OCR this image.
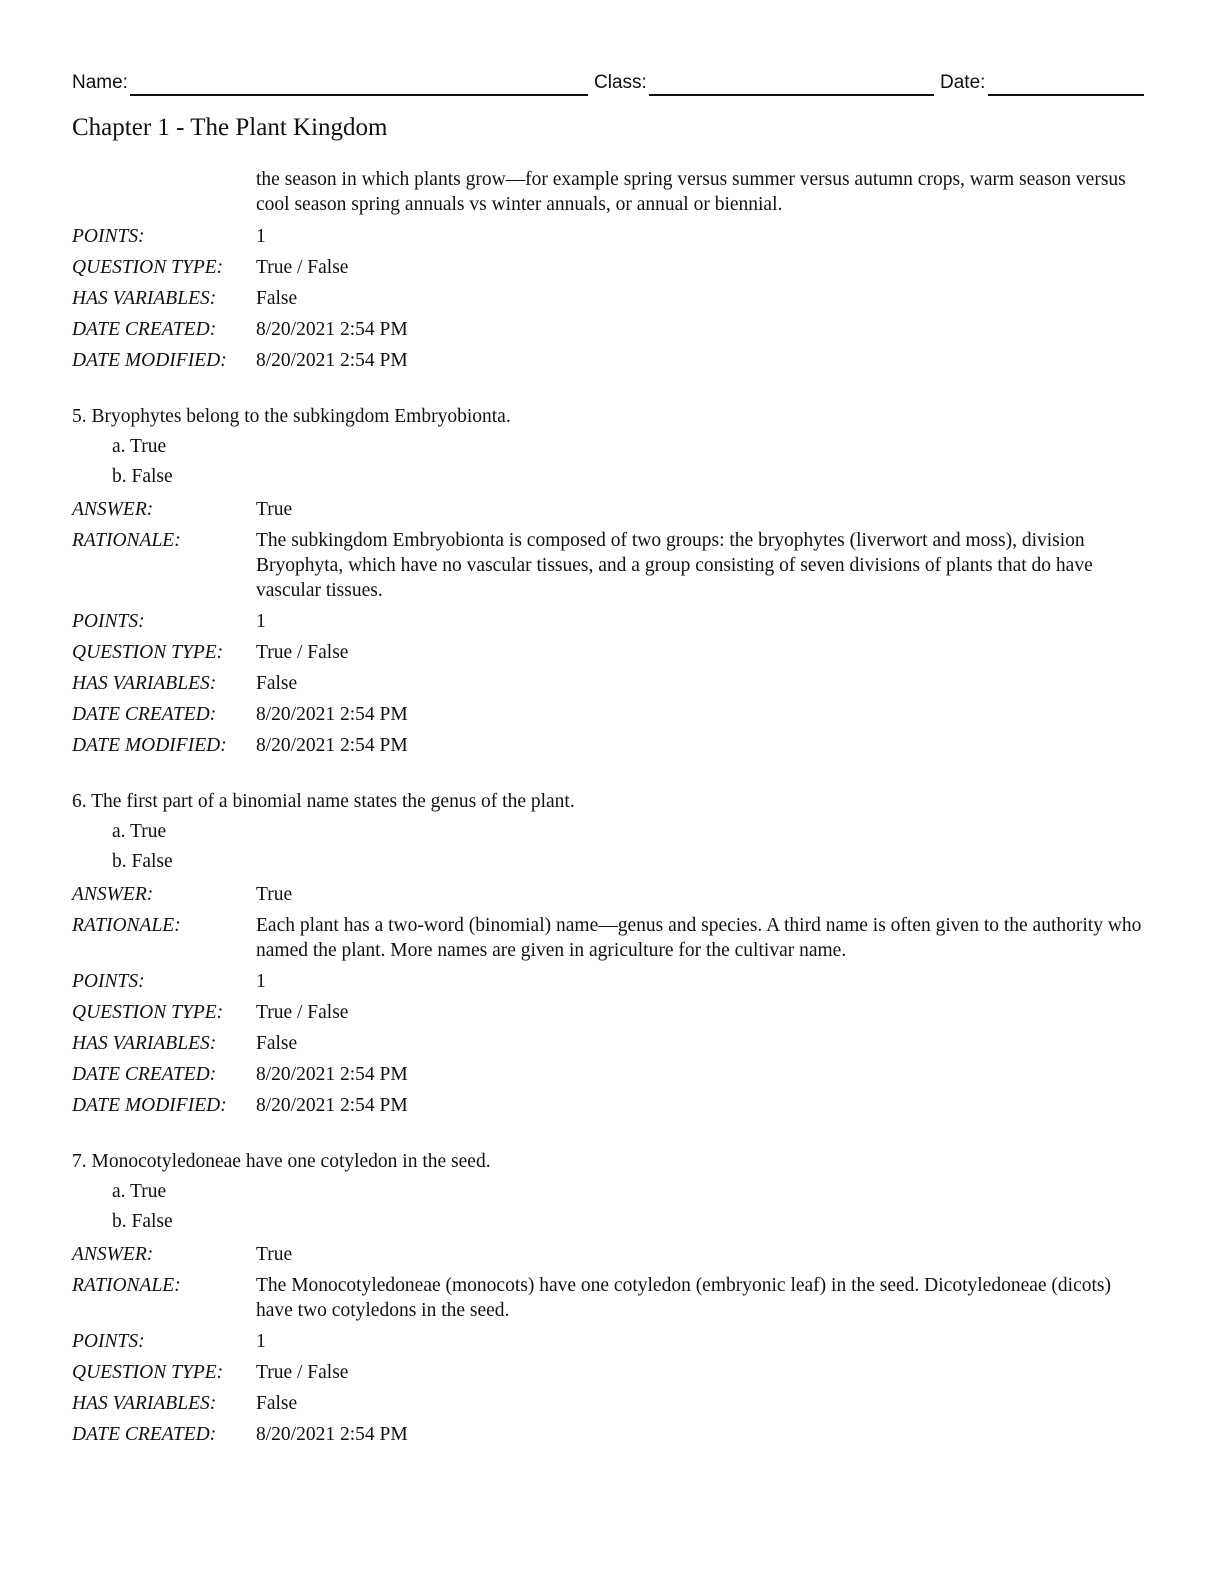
Name:	Class:	Date:
Chapter 1 - The Plant Kingdom
the season in which plants grow—for example spring versus summer versus autumn crops, warm season versus cool season spring annuals vs winter annuals, or annual or biennial.
POINTS:	1
QUESTION TYPE:	True / False
HAS VARIABLES:	False
DATE CREATED:	8/20/2021 2:54 PM
DATE MODIFIED:	8/20/2021 2:54 PM
5. Bryophytes belong to the subkingdom Embryobionta.
a. True
b. False
ANSWER:	True
RATIONALE:	The subkingdom Embryobionta is composed of two groups: the bryophytes (liverwort and moss), division Bryophyta, which have no vascular tissues, and a group consisting of seven divisions of plants that do have vascular tissues.
POINTS:	1
QUESTION TYPE:	True / False
HAS VARIABLES:	False
DATE CREATED:	8/20/2021 2:54 PM
DATE MODIFIED:	8/20/2021 2:54 PM
6. The first part of a binomial name states the genus of the plant.
a. True
b. False
ANSWER:	True
RATIONALE:	Each plant has a two-word (binomial) name—genus and species. A third name is often given to the authority who named the plant. More names are given in agriculture for the cultivar name.
POINTS:	1
QUESTION TYPE:	True / False
HAS VARIABLES:	False
DATE CREATED:	8/20/2021 2:54 PM
DATE MODIFIED:	8/20/2021 2:54 PM
7. Monocotyledoneae have one cotyledon in the seed.
a. True
b. False
ANSWER:	True
RATIONALE:	The Monocotyledoneae (monocots) have one cotyledon (embryonic leaf) in the seed. Dicotyledoneae (dicots) have two cotyledons in the seed.
POINTS:	1
QUESTION TYPE:	True / False
HAS VARIABLES:	False
DATE CREATED:	8/20/2021 2:54 PM
